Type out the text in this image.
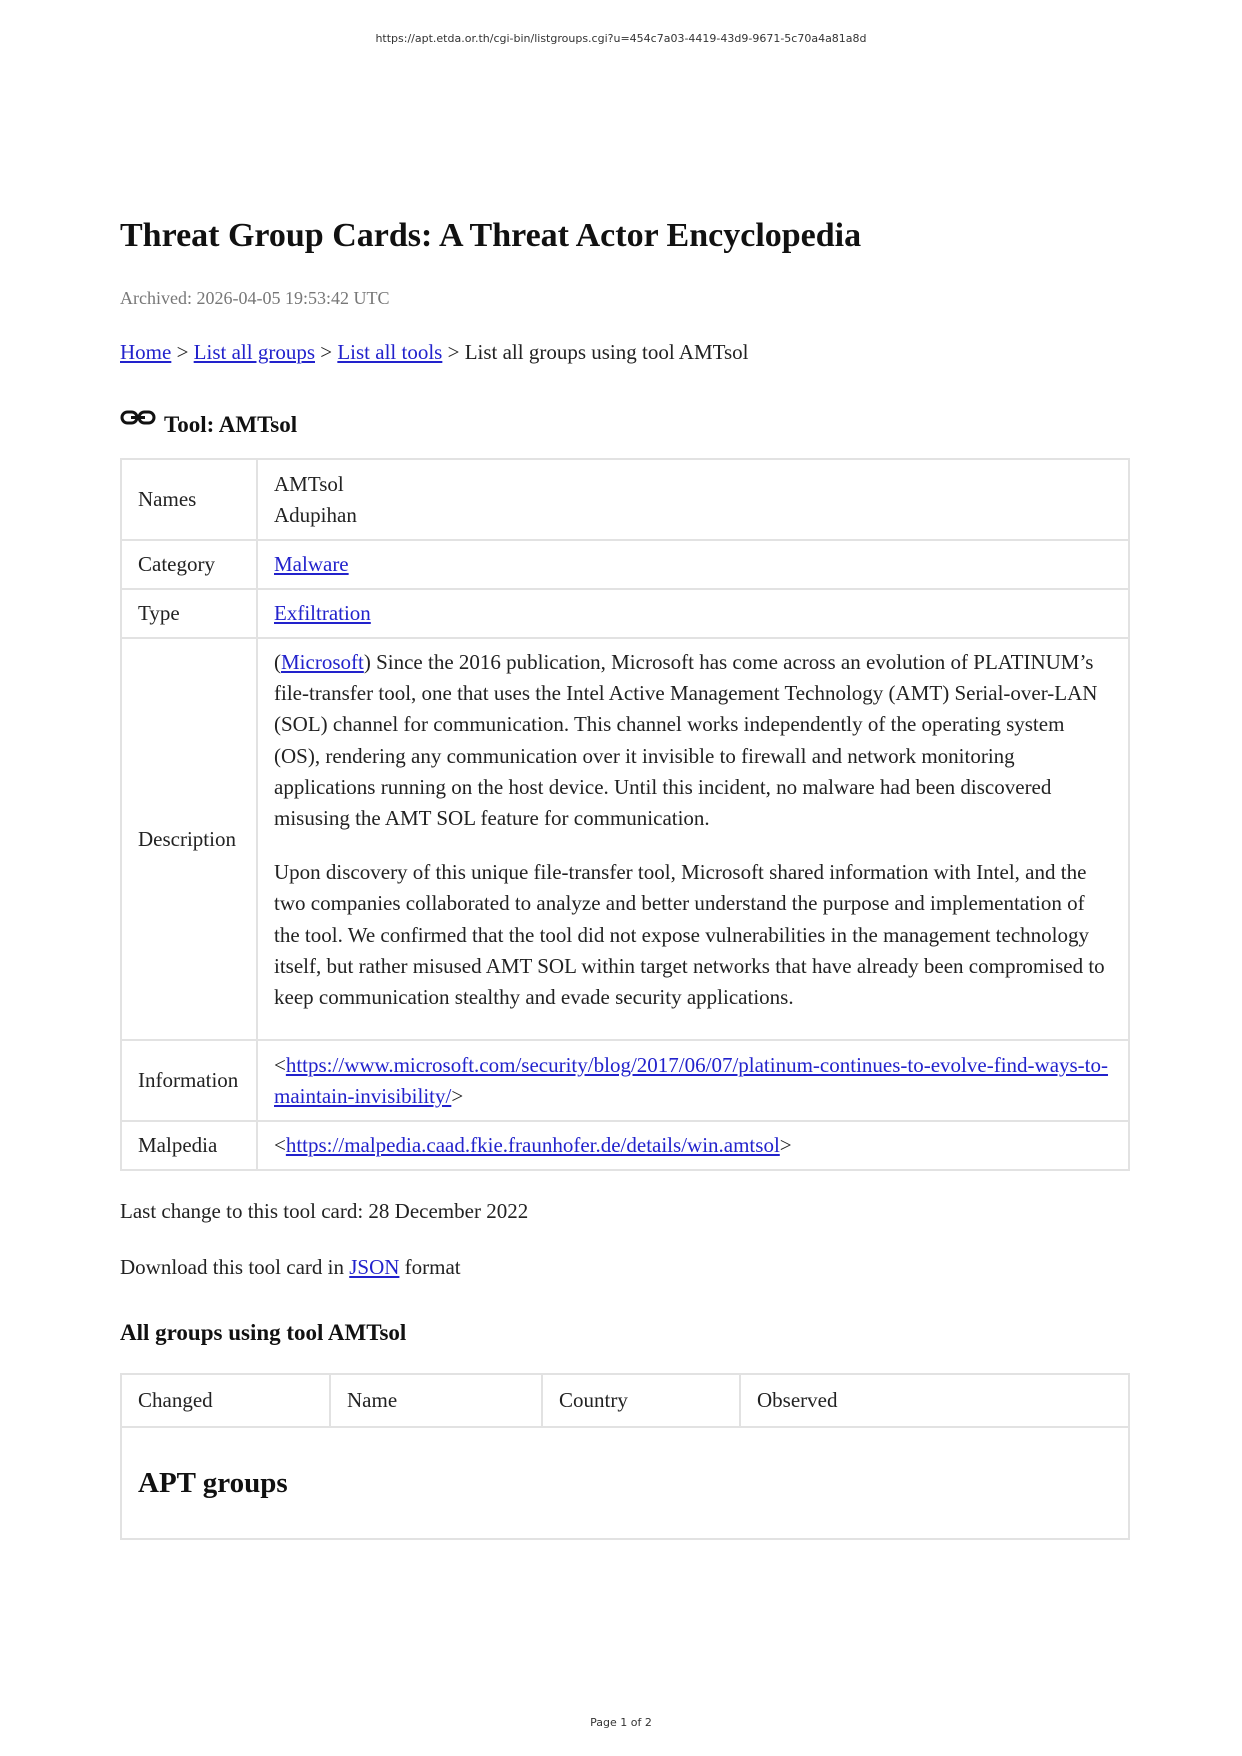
https://apt.etda.or.th/cgi-bin/listgroups.cgi?u=454c7a03-4419-43d9-9671-5c70a4a81a8d
Threat Group Cards: A Threat Actor Encyclopedia
Archived: 2026-04-05 19:53:42 UTC
Home > List all groups > List all tools > List all groups using tool AMTsol
Tool: AMTsol
Names	AMTsol
Adupihan

Category	Malware
Type	Exfiltration
Description	(Microsoft) Since the 2016 publication, Microsoft has come across an evolution of PLATINUM’s file-transfer tool, one that uses the Intel Active Management Technology (AMT) Serial-over-LAN (SOL) channel for communication. This channel works independently of the operating system (OS), rendering any communication over it invisible to firewall and network monitoring applications running on the host device. Until this incident, no malware had been discovered misusing the AMT SOL feature for communication.

Upon discovery of this unique file-transfer tool, Microsoft shared information with Intel, and the two companies collaborated to analyze and better understand the purpose and implementation of the tool. We confirmed that the tool did not expose vulnerabilities in the management technology itself, but rather misused AMT SOL within target networks that have already been compromised to keep communication stealthy and evade security applications.

Information	<https://www.microsoft.com/security/blog/2017/06/07/platinum-continues-to-evolve-find-ways-to-maintain-invisibility/>
Malpedia	<https://malpedia.caad.fkie.fraunhofer.de/details/win.amtsol>
Last change to this tool card: 28 December 2022
Download this tool card in JSON format
All groups using tool AMTsol
Changed	Name	Country	Observed
APT groups
Page 1 of 2
